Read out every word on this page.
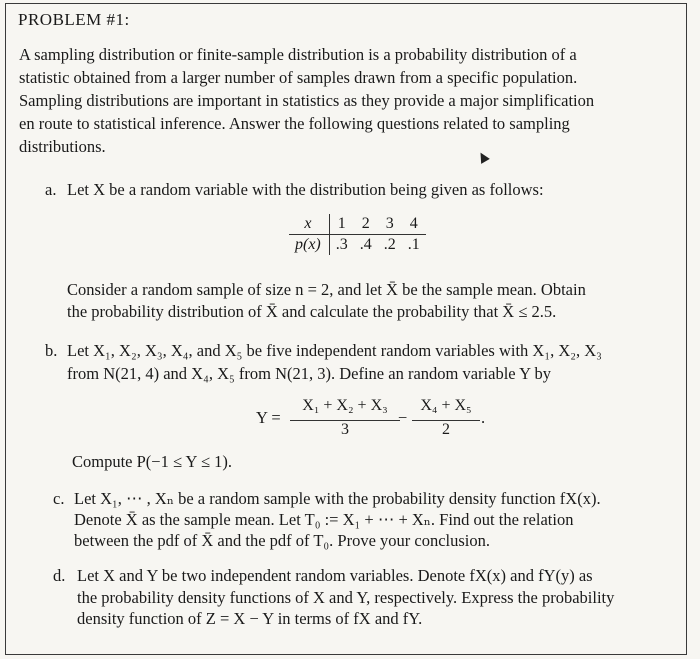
PROBLEM #1:
A sampling distribution or finite-sample distribution is a probability distribution of a
statistic obtained from a larger number of samples drawn from a specific population.
Sampling distributions are important in statistics as they provide a major simplification
en route to statistical inference. Answer the following questions related to sampling
distributions.
a. Let X be a random variable with the distribution being given as follows:
x	1	2	3	4
p(x)	.3	.4	.2	.1
Consider a random sample of size n = 2, and let X̄ be the sample mean. Obtain
the probability distribution of X̄ and calculate the probability that X̄ ≤ 2.5.
b. Let X₁, X₂, X₃, X₄, and X₅ be five independent random variables with X₁, X₂, X₃
from N(21, 4) and X₄, X₅ from N(21, 3). Define an random variable Y by
Y =
X₁ + X₂ + X₃
3
−
X₄ + X₅
2
.
Compute P(−1 ≤ Y ≤ 1).
c. Let X₁, ⋯ , Xₙ be a random sample with the probability density function fX(x).
Denote X̄ as the sample mean. Let T₀ := X₁ + ⋯ + Xₙ. Find out the relation
between the pdf of X̄ and the pdf of T₀. Prove your conclusion.
d. Let X and Y be two independent random variables. Denote fX(x) and fY(y) as
the probability density functions of X and Y, respectively. Express the probability
density function of Z = X − Y in terms of fX and fY.
